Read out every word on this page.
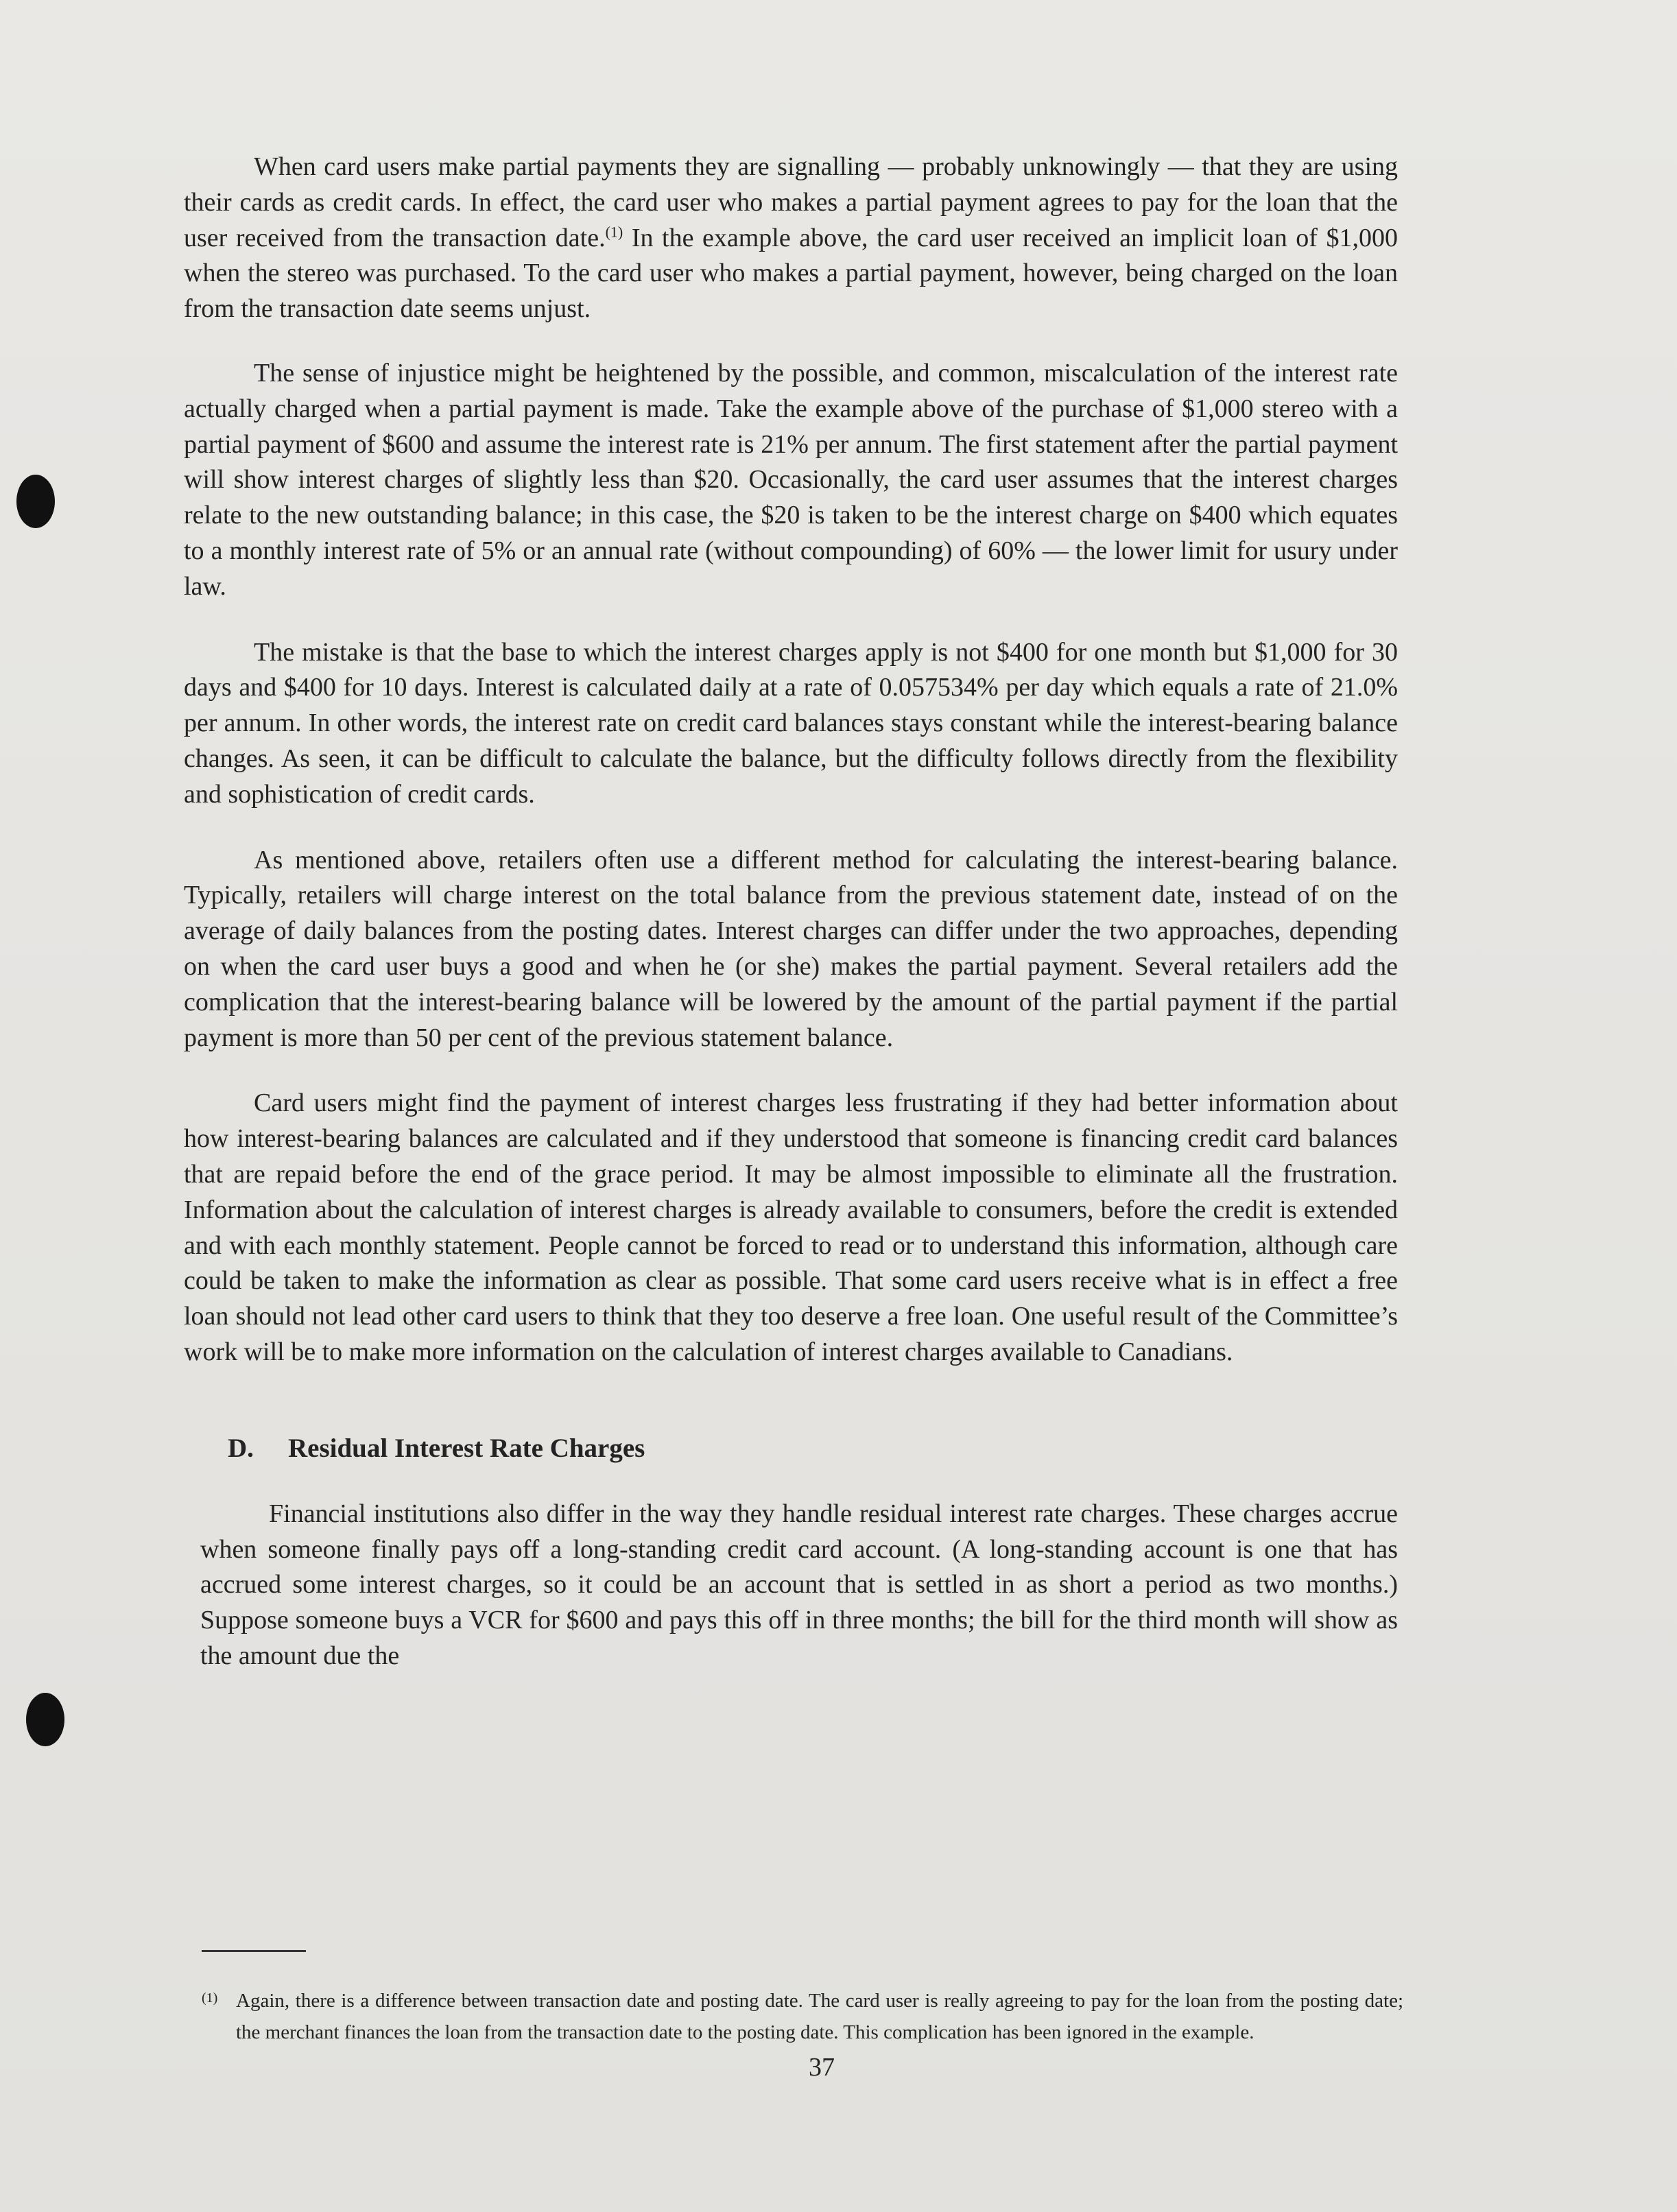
When card users make partial payments they are signalling — probably unknowingly — that they are using their cards as credit cards. In effect, the card user who makes a partial payment agrees to pay for the loan that the user received from the transaction date.$^{(1)}$ In the example above, the card user received an implicit loan of $1,000 when the stereo was purchased. To the card user who makes a partial payment, however, being charged on the loan from the transaction date seems unjust.

The sense of injustice might be heightened by the possible, and common, miscalculation of the interest rate actually charged when a partial payment is made. Take the example above of the purchase of $1,000 stereo with a partial payment of $600 and assume the interest rate is 21% per annum. The first statement after the partial payment will show interest charges of slightly less than $20. Occasionally, the card user assumes that the interest charges relate to the new outstanding balance; in this case, the $20 is taken to be the interest charge on $400 which equates to a monthly interest rate of 5% or an annual rate (without compounding) of 60% — the lower limit for usury under law.

The mistake is that the base to which the interest charges apply is not $400 for one month but $1,000 for 30 days and $400 for 10 days. Interest is calculated daily at a rate of 0.057534% per day which equals a rate of 21.0% per annum. In other words, the interest rate on credit card balances stays constant while the interest-bearing balance changes. As seen, it can be difficult to calculate the balance, but the difficulty follows directly from the flexibility and sophistication of credit cards.

As mentioned above, retailers often use a different method for calculating the interest-bearing balance. Typically, retailers will charge interest on the total balance from the previous statement date, instead of on the average of daily balances from the posting dates. Interest charges can differ under the two approaches, depending on when the card user buys a good and when he (or she) makes the partial payment. Several retailers add the complication that the interest-bearing balance will be lowered by the amount of the partial payment if the partial payment is more than 50 per cent of the previous statement balance.

Card users might find the payment of interest charges less frustrating if they had better information about how interest-bearing balances are calculated and if they understood that someone is financing credit card balances that are repaid before the end of the grace period. It may be almost impossible to eliminate all the frustration. Information about the calculation of interest charges is already available to consumers, before the credit is extended and with each monthly statement. People cannot be forced to read or to understand this information, although care could be taken to make the information as clear as possible. That some card users receive what is in effect a free loan should not lead other card users to think that they too deserve a free loan. One useful result of the Committee’s work will be to make more information on the calculation of interest charges available to Canadians.

D. Residual Interest Rate Charges

Financial institutions also differ in the way they handle residual interest rate charges. These charges accrue when someone finally pays off a long-standing credit card account. (A long-standing account is one that has accrued some interest charges, so it could be an account that is settled in as short a period as two months.) Suppose someone buys a VCR for $600 and pays this off in three months; the bill for the third month will show as the amount due the

(1) Again, there is a difference between transaction date and posting date. The card user is really agreeing to pay for the loan from the posting date; the merchant finances the loan from the transaction date to the posting date. This complication has been ignored in the example.
37
